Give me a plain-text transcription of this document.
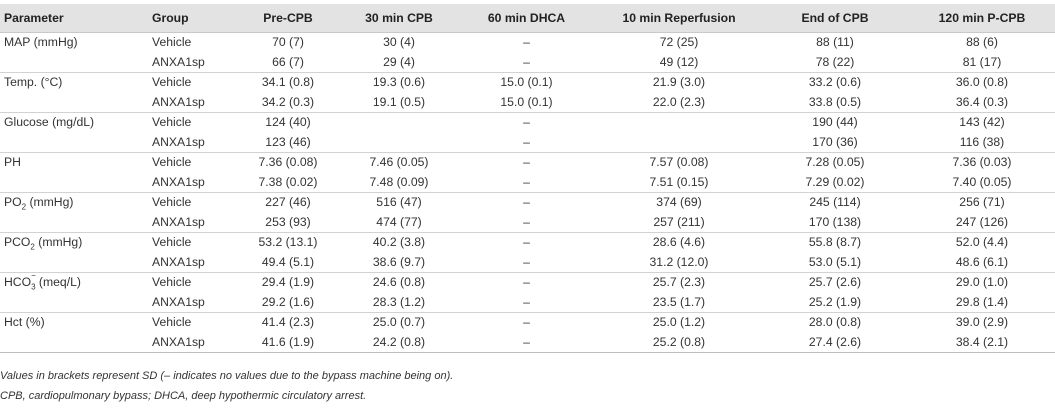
Parameter	Group	Pre-CPB	30 min CPB	60 min DHCA	10 min Reperfusion	End of CPB	120 min P-CPB
MAP (mmHg)	Vehicle	70 (7)	30 (4)	–	72 (25)	88 (11)	88 (6)
	ANXA1sp	66 (7)	29 (4)	–	49 (12)	78 (22)	81 (17)
Temp. (°C)	Vehicle	34.1 (0.8)	19.3 (0.6)	15.0 (0.1)	21.9 (3.0)	33.2 (0.6)	36.0 (0.8)
	ANXA1sp	34.2 (0.3)	19.1 (0.5)	15.0 (0.1)	22.0 (2.3)	33.8 (0.5)	36.4 (0.3)
Glucose (mg/dL)	Vehicle	124 (40)		–		190 (44)	143 (42)
	ANXA1sp	123 (46)		–		170 (36)	116 (38)
PH	Vehicle	7.36 (0.08)	7.46 (0.05)	–	7.57 (0.08)	7.28 (0.05)	7.36 (0.03)
	ANXA1sp	7.38 (0.02)	7.48 (0.09)	–	7.51 (0.15)	7.29 (0.02)	7.40 (0.05)
$PO_2$ (mmHg)	Vehicle	227 (46)	516 (47)	–	374 (69)	245 (114)	256 (71)
	ANXA1sp	253 (93)	474 (77)	–	257 (211)	170 (138)	247 (126)
$PCO_2$ (mmHg)	Vehicle	53.2 (13.1)	40.2 (3.8)	–	28.6 (4.6)	55.8 (8.7)	52.0 (4.4)
	ANXA1sp	49.4 (5.1)	38.6 (9.7)	–	31.2 (12.0)	53.0 (5.1)	48.6 (6.1)
HCO −
$_3$ (meq/L)	Vehicle	29.4 (1.9)	24.6 (0.8)	–	25.7 (2.3)	25.7 (2.6)	29.0 (1.0)
	ANXA1sp	29.2 (1.6)	28.3 (1.2)	–	23.5 (1.7)	25.2 (1.9)	29.8 (1.4)
Hct (%)	Vehicle	41.4 (2.3)	25.0 (0.7)	–	25.0 (1.2)	28.0 (0.8)	39.0 (2.9)
	ANXA1sp	41.6 (1.9)	24.2 (0.8)	–	25.2 (0.8)	27.4 (2.6)	38.4 (2.1)
Values in brackets represent SD (– indicates no values due to the bypass machine being on).
CPB, cardiopulmonary bypass; DHCA, deep hypothermic circulatory arrest.
